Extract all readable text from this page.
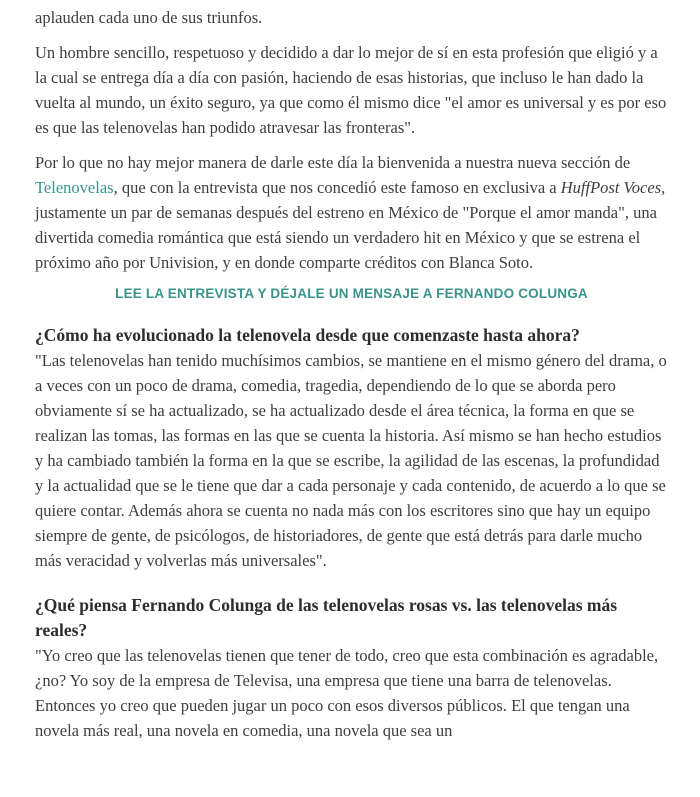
aplauden cada uno de sus triunfos.

Un hombre sencillo, respetuoso y decidido a dar lo mejor de sí en esta profesión que eligió y a la cual se entrega día a día con pasión, haciendo de esas historias, que incluso le han dado la vuelta al mundo, un éxito seguro, ya que como él mismo dice "el amor es universal y es por eso es que las telenovelas han podido atravesar las fronteras".

Por lo que no hay mejor manera de darle este día la bienvenida a nuestra nueva sección de Telenovelas, que con la entrevista que nos concedió este famoso en exclusiva a HuffPost Voces, justamente un par de semanas después del estreno en México de "Porque el amor manda", una divertida comedia romántica que está siendo un verdadero hit en México y que se estrena el próximo año por Univision, y en donde comparte créditos con Blanca Soto.

LEE LA ENTREVISTA Y DÉJALE UN MENSAJE A FERNANDO COLUNGA
¿Cómo ha evolucionado la telenovela desde que comenzaste hasta ahora?

"Las telenovelas han tenido muchísimos cambios, se mantiene en el mismo género del drama, o a veces con un poco de drama, comedia, tragedia, dependiendo de lo que se aborda pero obviamente sí se ha actualizado, se ha actualizado desde el área técnica, la forma en que se realizan las tomas, las formas en las que se cuenta la historia. Así mismo se han hecho estudios y ha cambiado también la forma en la que se escribe, la agilidad de las escenas, la profundidad y la actualidad que se le tiene que dar a cada personaje y cada contenido, de acuerdo a lo que se quiere contar. Además ahora se cuenta no nada más con los escritores sino que hay un equipo siempre de gente, de psicólogos, de historiadores, de gente que está detrás para darle mucho más veracidad y volverlas más universales".

¿Qué piensa Fernando Colunga de las telenovelas rosas vs. las telenovelas más reales?

"Yo creo que las telenovelas tienen que tener de todo, creo que esta combinación es agradable, ¿no? Yo soy de la empresa de Televisa, una empresa que tiene una barra de telenovelas. Entonces yo creo que pueden jugar un poco con esos diversos públicos. El que tengan una novela más real, una novela en comedia, una novela que sea un
